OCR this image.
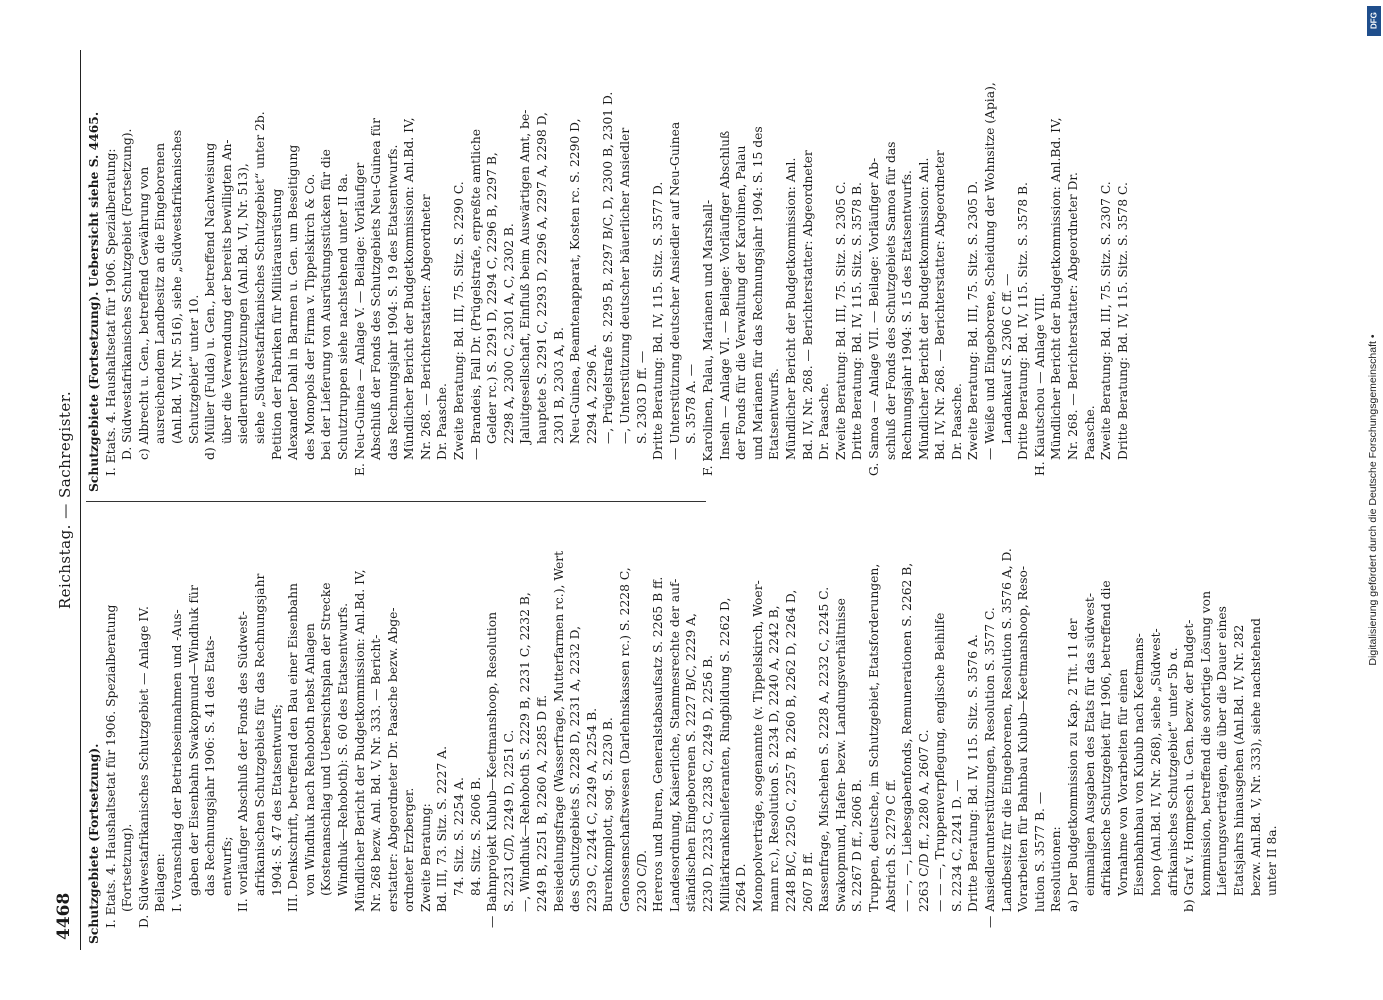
4468
Reichstag. — Sachregister.
Schutzgebiete (Fortsetzung). I. Etats. 4. Haushaltsetat für 1906. Spezialberatung (Fortsetzung). D. Südwestafrikanisches Schutzgebiet — Anlage IV. Beilagen: I. Voranschlag der Betriebseinnahmen und -Aus- gaben der Eisenbahn Swakopmund—Windhuk für das Rechnungsjahr 1906: S. 41 des Etats- entwurfs; II. vorläufiger Abschluß der Fonds des Südwest- afrikanischen Schutzgebiets für das Rechnungsjahr 1904: S. 47 des Etatsentwurfs; III. Denkschrift, betreffend den Bau einer Eisenbahn von Windhuk nach Rehoboth nebst Anlagen (Kostenanschlag und Uebersichtsplan der Strecke Windhuk—Rehoboth): S. 60 des Etatsentwurfs. Mündlicher Bericht der Budgetkommission: Anl.Bd. IV, Nr. 268 bezw. Anl. Bd. V, Nr. 333. — Bericht- erstatter: Abgeordneter Dr. Paasche bezw. Abge- ordneter Erzberger. Zweite Beratung: Bd. III, 73. Sitz. S. 2227 A. 74. Sitz. S. 2254 A. 84. Sitz. S. 2606 B. — Bahnprojekt Kubub—Keetmanshoop, Resolution S. 2231 C/D, 2249 D, 2251 C. —, Windhuk—Rehoboth S. 2229 B, 2231 C, 2232 B, 2249 B, 2251 B, 2260 A, 2285 D ff. Besiedelungsfrage (Wasserfrage, Mutterfarmen rc.), Wert des Schutzgebiets S. 2228 D, 2231 A, 2232 D, 2239 C, 2244 C, 2249 A, 2254 B. Burenkomplott, sog. S. 2230 B. Genossenschaftswesen (Darlehnskassen rc.) S. 2228 C, 2230 C/D. Hereros und Buren, Generalstabsaufsatz S. 2265 B ff. Landesordnung, Kaiserliche, Stammesrechte der auf- ständischen Eingeborenen S. 2227 B/C, 2229 A, 2230 D, 2233 C, 2238 C, 2249 D, 2256 B. Militärkrankenlieferanten, Ringbildung S. 2262 D, 2264 D. Monopolverträge, sogenannte (v. Tippelskirch, Woer- mann rc.), Resolution S. 2234 D, 2240 A, 2242 B, 2248 B/C, 2250 C, 2257 B, 2260 B, 2262 D, 2264 D, 2607 B ff. Rassenfrage, Mischehen S. 2228 A, 2232 C, 2245 C. Swakopmund, Hafen- bezw. Landungsverhältnisse S. 2267 D ff., 2606 B. Truppen, deutsche, im Schutzgebiet, Etatsforderungen, Abstrich S. 2279 C ff. — —, —, Liebesgabenfonds, Remunerationen S. 2262 B, 2263 C/D ff., 2280 A, 2607 C. — — —, Truppenverpflegung, englische Beihilfe S. 2234 C, 2241 D. — Dritte Beratung: Bd. IV, 115. Sitz. S. 3576 A. — Ansiedlerunterstützungen, Resolution S. 3577 C. Landbesitz für die Eingeborenen, Resolution S. 3576 A, D. Vorarbeiten für Bahnbau Kubub—Keetmanshoop, Reso- lution S. 3577 B. — Resolutionen: a) Der Budgetkommission zu Kap. 2 Tit. 11 der einmaligen Ausgaben des Etats für das südwest- afrikanische Schutzgebiet für 1906, betreffend die Vornahme von Vorarbeiten für einen Eisenbahnbau von Kubub nach Keetmans- hoop (Anl.Bd. IV, Nr. 268), siehe „Südwest- afrikanisches Schutzgebiet“ unter 5b α. b) Graf v. Hompesch u. Gen. bezw. der Budget- kommission, betreffend die sofortige Lösung von Lieferungsverträgen, die über die Dauer eines Etatsjahrs hinausgehen (Anl.Bd. IV, Nr. 282 bezw. Anl.Bd. V, Nr. 333), siehe nachstehend unter II 8a.
Schutzgebiete (Fortsetzung). Uebersicht siehe S. 4465. I. Etats. 4. Haushaltsetat für 1906. Spezialberatung: D. Südwestafrikanisches Schutzgebiet (Fortsetzung). c) Albrecht u. Gen., betreffend Gewährung von ausreichendem Landbesitz an die Eingeborenen (Anl.Bd. VI, Nr. 516), siehe „Südwestafrikanisches Schutzgebiet“ unter 10. d) Müller (Fulda) u. Gen., betreffend Nachweisung über die Verwendung der bereits bewilligten An- siedlerunterstützungen (Anl.Bd. VI, Nr. 513), siehe „Südwestafrikanisches Schutzgebiet“ unter 2b. Petition der Fabriken für Militärausrüstung Alexander Dahl in Barmen u. Gen. um Beseitigung des Monopols der Firma v. Tippelskirch & Co. bei der Lieferung von Ausrüstungsstücken für die Schutztruppen siehe nachstehend unter II 8a. E. Neu-Guinea — Anlage V. — Beilage: Vorläufiger Abschluß der Fonds des Schutzgebiets Neu-Guinea für das Rechnungsjahr 1904: S. 19 des Etatsentwurfs. Mündlicher Bericht der Budgetkommission: Anl.Bd. IV, Nr. 268. — Berichterstatter: Abgeordneter Dr. Paasche. Zweite Beratung: Bd. III, 75. Sitz. S. 2290 C. — Brandeis, Fall Dr. (Prügelstrafe, erpreßte amtliche Gelder rc.) S. 2291 D, 2294 C, 2296 B, 2297 B, 2298 A, 2300 C, 2301 A, C, 2302 B. Jaluitgesellschaft, Einfluß beim Auswärtigen Amt, be- hauptete S. 2291 C, 2293 D, 2296 A, 2297 A, 2298 D, 2301 B, 2303 A, B. Neu-Guinea, Beamtenapparat, Kosten rc. S. 2290 D, 2294 A, 2296 A. —, Prügelstrafe S. 2295 B, 2297 B/C, D, 2300 B, 2301 D. —, Unterstützung deutscher bäuerlicher Ansiedler S. 2303 D ff. — Dritte Beratung: Bd. IV, 115. Sitz. S. 3577 D. — Unterstützung deutscher Ansiedler auf Neu-Guinea S. 3578 A. — F. Karolinen, Palau, Marianen und Marshall- Inseln — Anlage VI. — Beilage: Vorläufiger Abschluß der Fonds für die Verwaltung der Karolinen, Palau und Marianen für das Rechnungsjahr 1904: S. 15 des Etatsentwurfs. Mündlicher Bericht der Budgetkommission: Anl. Bd. IV, Nr. 268. — Berichterstatter: Abgeordneter Dr. Paasche. Zweite Beratung: Bd. III, 75. Sitz. S. 2305 C. Dritte Beratung: Bd. IV, 115. Sitz. S. 3578 B. G. Samoa — Anlage VII. — Beilage: Vorläufiger Ab- schluß der Fonds des Schutzgebiets Samoa für das Rechnungsjahr 1904: S. 15 des Etatsentwurfs. Mündlicher Bericht der Budgetkommission: Anl. Bd. IV, Nr. 268. — Berichterstatter: Abgeordneter Dr. Paasche. Zweite Beratung: Bd. III, 75. Sitz. S. 2305 D. — Weiße und Eingeborene, Scheidung der Wohnsitze (Apia), Landankauf S. 2306 C ff. — Dritte Beratung: Bd. IV, 115. Sitz. S. 3578 B. H. Kiautschou — Anlage VIII. Mündlicher Bericht der Budgetkommission: Anl.Bd. IV, Nr. 268. — Berichterstatter: Abgeordneter Dr. Paasche. Zweite Beratung: Bd. III, 75. Sitz. S. 2307 C. Dritte Beratung: Bd. IV, 115. Sitz. S. 3578 C.
Digitalisierung gefördert durch die Deutsche Forschungsgemeinschaft •
DFG
